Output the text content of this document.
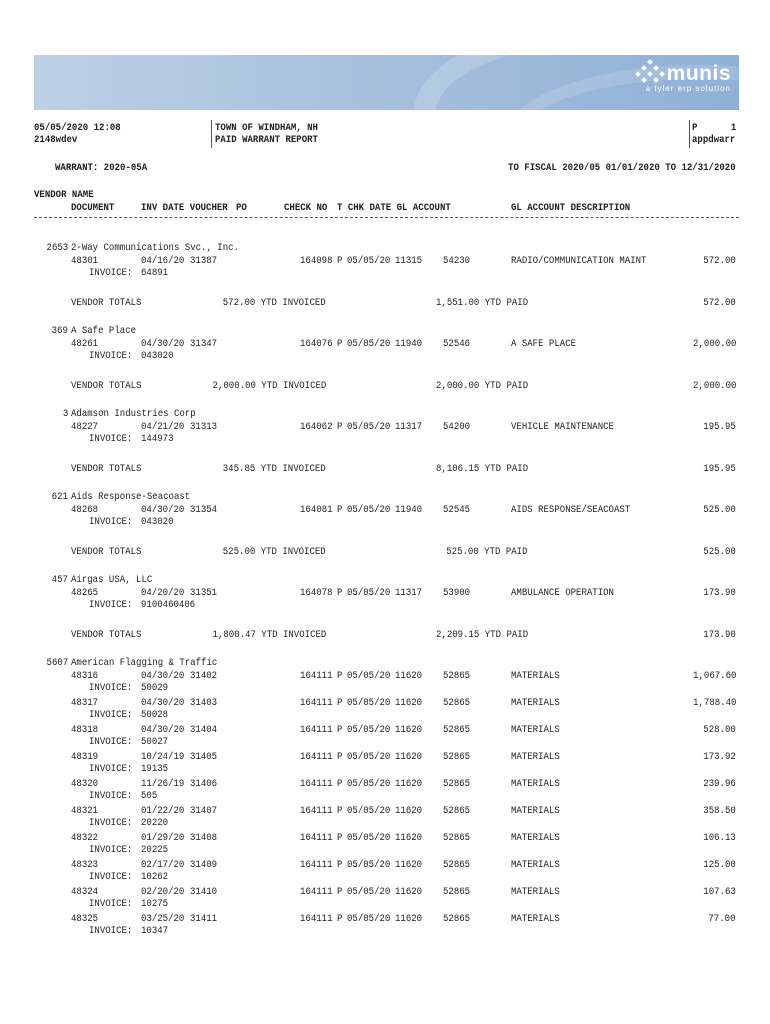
munis
a tyler erp solution
05/05/2020 12:08
2148wdev
TOWN OF WINDHAM, NH
PAID WARRANT REPORT
P	1
appdwarr
WARRANT: 2020-05A	TO FISCAL 2020/05 01/01/2020 TO 12/31/2020
VENDOR NAME
DOCUMENT	INV DATE VOUCHER PO	CHECK NO T CHK DATE GL ACCOUNT	GL ACCOUNT DESCRIPTION
2653 2-Way Communications Svc., Inc.
48301	04/16/20 31387	164098 P 05/05/20 11315 54230	RADIO/COMMUNICATION MAINT	572.00
INVOICE: 64891
VENDOR TOTALS	572.00 YTD INVOICED	1,551.00 YTD PAID	572.00
369 A Safe Place
48261	04/30/20 31347	164076 P 05/05/20 11940 52546	A SAFE PLACE	2,000.00
INVOICE: 043020
VENDOR TOTALS	2,000.00 YTD INVOICED	2,000.00 YTD PAID	2,000.00
3 Adamson Industries Corp
48227	04/21/20 31313	164062 P 05/05/20 11317 54200	VEHICLE MAINTENANCE	195.95
INVOICE: 144973
VENDOR TOTALS	345.85 YTD INVOICED	8,106.15 YTD PAID	195.95
621 Aids Response-Seacoast
48268	04/30/20 31354	164081 P 05/05/20 11940 52545	AIDS RESPONSE/SEACOAST	525.00
INVOICE: 043020
VENDOR TOTALS	525.00 YTD INVOICED	525.00 YTD PAID	525.00
457 Airgas USA, LLC
48265	04/20/20 31351	164078 P 05/05/20 11317 53900	AMBULANCE OPERATION	173.90
INVOICE: 9100460406
VENDOR TOTALS	1,800.47 YTD INVOICED	2,209.15 YTD PAID	173.90
5607 American Flagging & Traffic
48316	04/30/20 31402	164111 P 05/05/20 11620 52865	MATERIALS	1,067.60
INVOICE: 50029
48317	04/30/20 31403	164111 P 05/05/20 11620 52865	MATERIALS	1,788.40
INVOICE: 50028
48318	04/30/20 31404	164111 P 05/05/20 11620 52865	MATERIALS	528.00
INVOICE: 50027
48319	10/24/19 31405	164111 P 05/05/20 11620 52865	MATERIALS	173.92
INVOICE: 19135
48320	11/26/19 31406	164111 P 05/05/20 11620 52865	MATERIALS	239.96
INVOICE: 505
48321	01/22/20 31407	164111 P 05/05/20 11620 52865	MATERIALS	358.50
INVOICE: 20220
48322	01/29/20 31408	164111 P 05/05/20 11620 52865	MATERIALS	106.13
INVOICE: 20225
48323	02/17/20 31409	164111 P 05/05/20 11620 52865	MATERIALS	125.00
INVOICE: 10262
48324	02/20/20 31410	164111 P 05/05/20 11620 52865	MATERIALS	107.63
INVOICE: 10275
48325	03/25/20 31411	164111 P 05/05/20 11620 52865	MATERIALS	77.00
INVOICE: 10347
